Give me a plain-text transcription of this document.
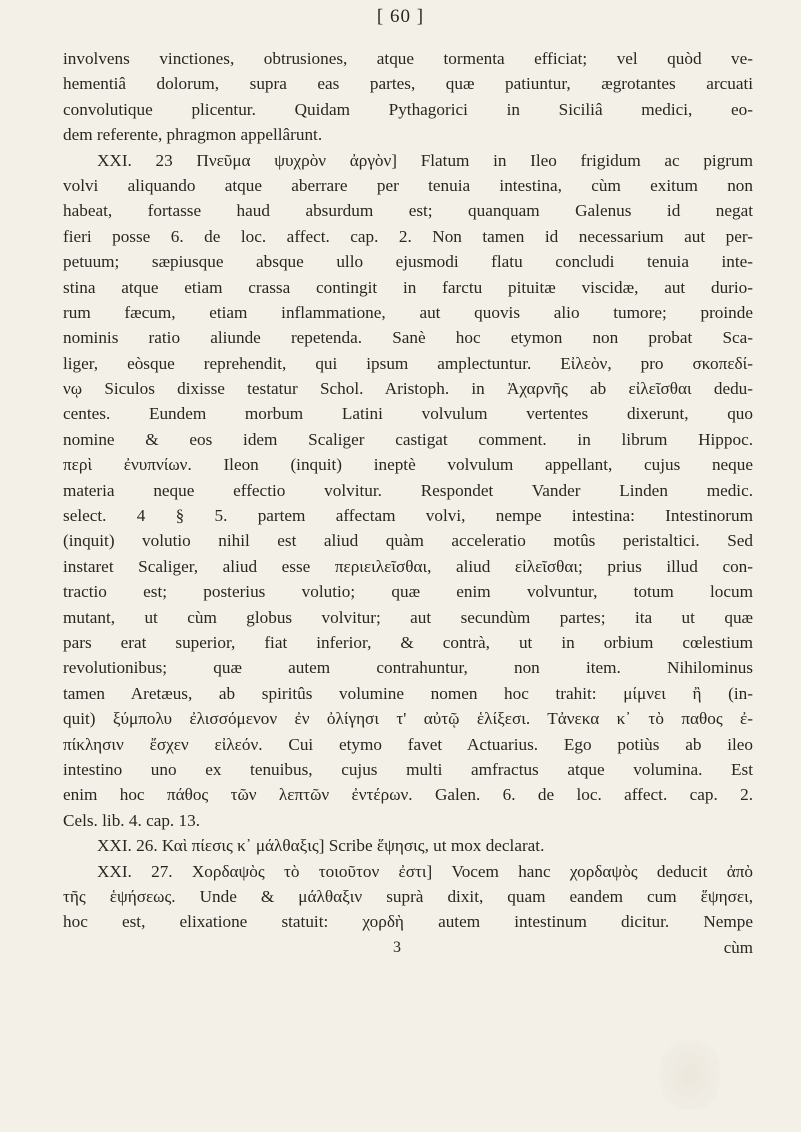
[ 60 ]
involvens vinctiones, obtrusiones, atque tormenta efficiat; vel quòd ve-
hementiâ dolorum, supra eas partes, quæ patiuntur, ægrotantes arcuati
convolutique plicentur. Quidam Pythagorici in Siciliâ medici, eo-
dem referente, phragmon appellârunt.
XXI. 23 Πνεῦμα ψυχρὸν ἀργὸν] Flatum in Ileo frigidum ac pigrum
volvi aliquando atque aberrare per tenuia intestina, cùm exitum non
habeat, fortasse haud absurdum est; quanquam Galenus id negat
fieri posse 6. de loc. affect. cap. 2. Non tamen id necessarium aut per-
petuum; sæpiusque absque ullo ejusmodi flatu concludi tenuia inte-
stina atque etiam crassa contingit in farctu pituitæ viscidæ, aut durio-
rum fæcum, etiam inflammatione, aut quovis alio tumore; proinde
nominis ratio aliunde repetenda. Sanè hoc etymon non probat Sca-
liger, eòsque reprehendit, qui ipsum amplectuntur. Εἰλεὸν, pro σκοπεδί-
νῳ Siculos dixisse testatur Schol. Aristoph. in Ἀχαρνῆς ab εἰλεῖσθαι dedu-
centes. Eundem morbum Latini volvulum vertentes dixerunt, quo
nomine & eos idem Scaliger castigat comment. in librum Hippoc.
περὶ ἐνυπνίων. Ileon (inquit) ineptè volvulum appellant, cujus neque
materia neque effectio volvitur. Respondet Vander Linden medic.
select. 4 § 5. partem affectam volvi, nempe intestina: Intestinorum
(inquit) volutio nihil est aliud quàm acceleratio motûs peristaltici. Sed
instaret Scaliger, aliud esse περιειλεῖσθαι, aliud εἰλεῖσθαι; prius illud con-
tractio est; posterius volutio; quæ enim volvuntur, totum locum
mutant, ut cùm globus volvitur; aut secundùm partes; ita ut quæ
pars erat superior, fiat inferior, & contrà, ut in orbium cœlestium
revolutionibus; quæ autem contrahuntur, non item. Nihilominus
tamen Aretæus, ab spiritûs volumine nomen hoc trahit: μίμνει ἢ (in-
quit) ξύμπολυ ἐλισσόμενον ἐν ὀλίγησι τ' αὐτῷ ἑλίξεσι. Τἀνεκα κ᾽ τὸ παθος ἐ-
πίκλησιν ἔσχεν εἰλεόν. Cui etymo favet Actuarius. Ego potiùs ab ileo
intestino uno ex tenuibus, cujus multi amfractus atque volumina. Est
enim hoc πάθος τῶν λεπτῶν ἐντέρων. Galen. 6. de loc. affect. cap. 2.
Cels. lib. 4. cap. 13.
XXI. 26. Καὶ πίεσις κ᾽ μάλθαξις] Scribe ἕψησις, ut mox declarat.
XXI. 27. Χορδαψὸς τὸ τοιοῦτον ἐστι] Vocem hanc χορδαψὸς deducit ἀπὸ
τῆς ἑψήσεως. Unde & μάλθαξιν suprà dixit, quam eandem cum ἕψησει,
hoc est, elixatione statuit: χορδὴ autem intestinum dicitur. Nempe
3	cùm
